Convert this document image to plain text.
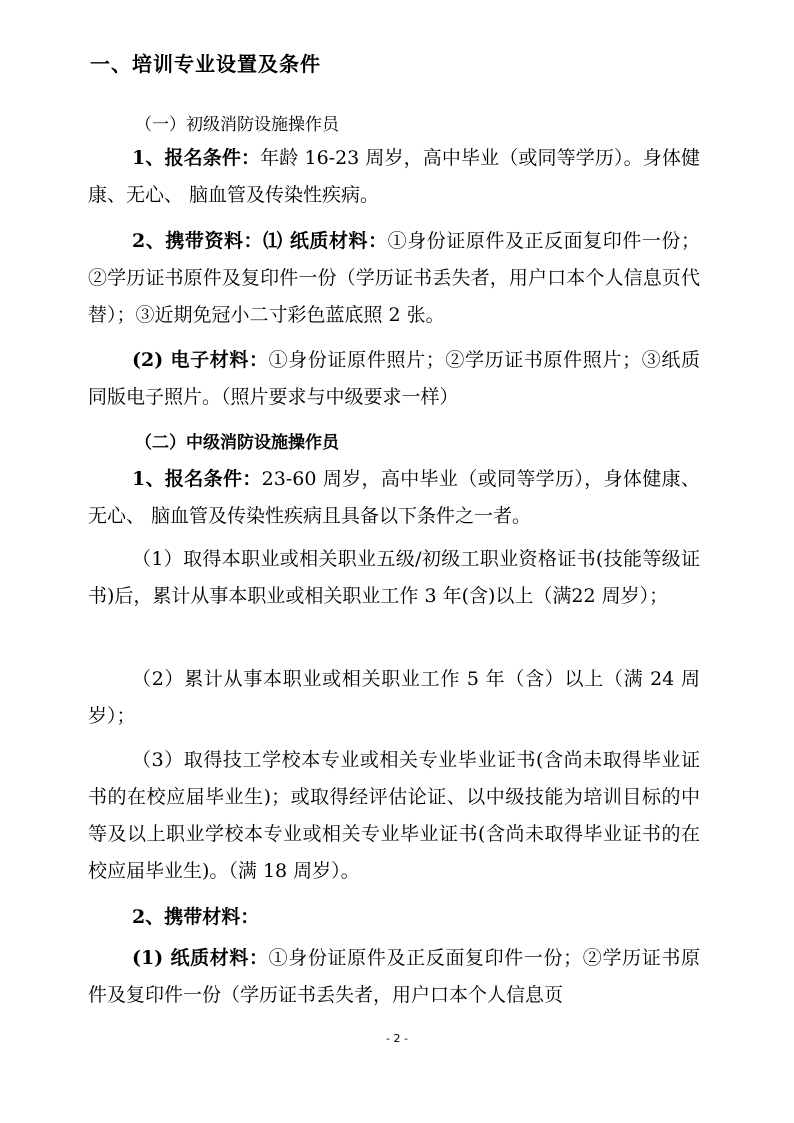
一、培训专业设置及条件
（一）初级消防设施操作员
1、报名条件：年龄 16-23 周岁，高中毕业（或同等学历）。身体健康、无心、 脑血管及传染性疾病。
2、携带资料：⑴ 纸质材料：①身份证原件及正反面复印件一份；②学历证书原件及复印件一份（学历证书丢失者，用户口本个人信息页代替）；③近期免冠小二寸彩色蓝底照 2 张。
(2) 电子材料：①身份证原件照片；②学历证书原件照片；③纸质同版电子照片。（照片要求与中级要求一样）
（二）中级消防设施操作员
1、报名条件：23-60 周岁，高中毕业（或同等学历），身体健康、无心、 脑血管及传染性疾病且具备以下条件之一者。
（1）取得本职业或相关职业五级/初级工职业资格证书(技能等级证书)后，累计从事本职业或相关职业工作 3 年(含)以上（满22 周岁）；
（2）累计从事本职业或相关职业工作 5 年（含）以上（满 24 周岁）；
（3）取得技工学校本专业或相关专业毕业证书(含尚未取得毕业证书的在校应届毕业生)；或取得经评估论证、以中级技能为培训目标的中等及以上职业学校本专业或相关专业毕业证书(含尚未取得毕业证书的在校应届毕业生)。（满 18 周岁）。
2、携带材料：
(1) 纸质材料：①身份证原件及正反面复印件一份；②学历证书原件及复印件一份（学历证书丢失者，用户口本个人信息页
- 2 -
